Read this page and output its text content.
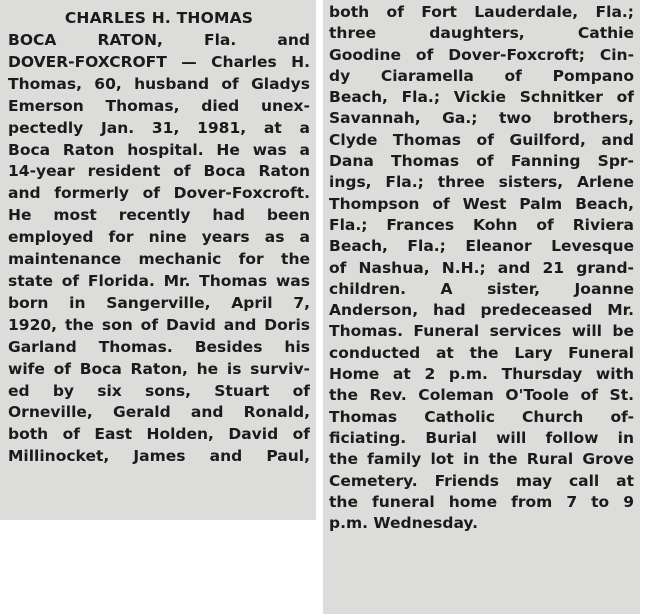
CHARLES H. THOMAS
BOCA RATON, Fla. and
DOVER-FOXCROFT — Charles H.
Thomas, 60, husband of Gladys
Emerson Thomas, died unex-
pectedly Jan. 31, 1981, at a
Boca Raton hospital. He was a
14-year resident of Boca Raton
and formerly of Dover-Foxcroft.
He most recently had been
employed for nine years as a
maintenance mechanic for the
state of Florida. Mr. Thomas was
born in Sangerville, April 7,
1920, the son of David and Doris
Garland Thomas. Besides his
wife of Boca Raton, he is surviv-
ed by six sons, Stuart of
Orneville, Gerald and Ronald,
both of East Holden, David of
Millinocket, James and Paul,
both of Fort Lauderdale, Fla.;
three daughters, Cathie
Goodine of Dover-Foxcroft; Cin-
dy Ciaramella of Pompano
Beach, Fla.; Vickie Schnitker of
Savannah, Ga.; two brothers,
Clyde Thomas of Guilford, and
Dana Thomas of Fanning Spr-
ings, Fla.; three sisters, Arlene
Thompson of West Palm Beach,
Fla.; Frances Kohn of Riviera
Beach, Fla.; Eleanor Levesque
of Nashua, N.H.; and 21 grand-
children. A sister, Joanne
Anderson, had predeceased Mr.
Thomas. Funeral services will be
conducted at the Lary Funeral
Home at 2 p.m. Thursday with
the Rev. Coleman O'Toole of St.
Thomas Catholic Church of-
ficiating. Burial will follow in
the family lot in the Rural Grove
Cemetery. Friends may call at
the funeral home from 7 to 9
p.m. Wednesday.
